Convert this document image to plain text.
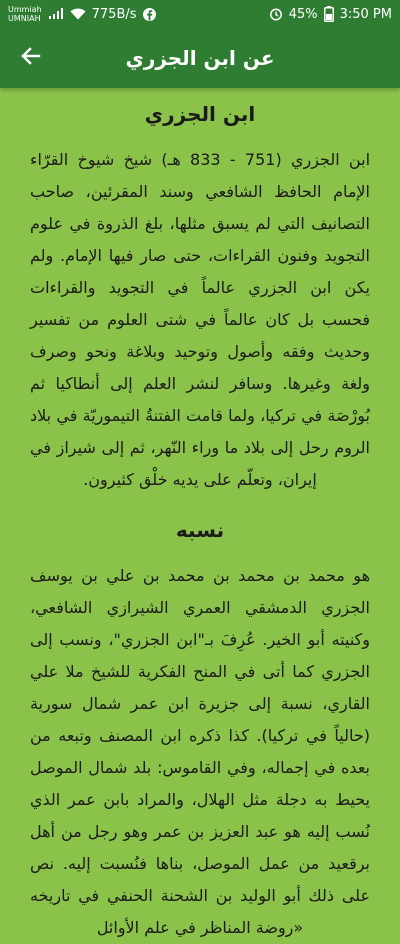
Ummiah
UMNIAH	775B/s	45% 3:50 PM
عن ابن الجزري
ابن الجزري

ابن الجزري (751 - 833 هـ) شيخ شيوخ القرّاء الإمام الحافظ الشافعي وسند المقرئين، صاحب التصانيف التي لم يسبق مثلها، بلغ الذروة في علوم التجويد وفنون القراءات، حتى صار فيها الإمام. ولم يكن ابن الجزري عالماً في التجويد والقراءات فحسب بل كان عالماً في شتى العلوم من تفسير وحديث وفقه وأصول وتوحيد وبلاغة ونحو وصرف ولغة وغيرها. وسافر لنشر العلم إلى أنطاكيا ثم بُورْصَة في تركيا، ولما قامت الفتنةُ التيموريّة في بلاد الروم رحل إلى بلاد ما وراء النّهر، ثم إلى شيراز في إيران، وتعلّم على يديه خلْق كثيرون.

نسبه

هو محمد بن محمد بن محمد بن علي بن يوسف الجزري الدمشقي العمري الشيرازي الشافعي، وكنيته أبو الخير. عُرِفَ بـ"ابن الجزري"، ونسب إلى الجزري كما أتى في المنح الفكرية للشيخ ملا علي القاري، نسبة إلى جزيرة ابن عمر شمال سورية (حالياً في تركيا). كذا ذكره ابن المصنف وتبعه من بعده في إجماله، وفي القاموس: بلد شمال الموصل يحيط به دجلة مثل الهلال، والمراد بابن عمر الذي نُسب إليه هو عبد العزيز بن عمر وهو رجل من أهل برقعيد من عمل الموصل، بناها فنُسبت إليه. نص على ذلك أبو الوليد بن الشحنة الحنفي في تاريخه «روضة المناظر في علم الأوائل
